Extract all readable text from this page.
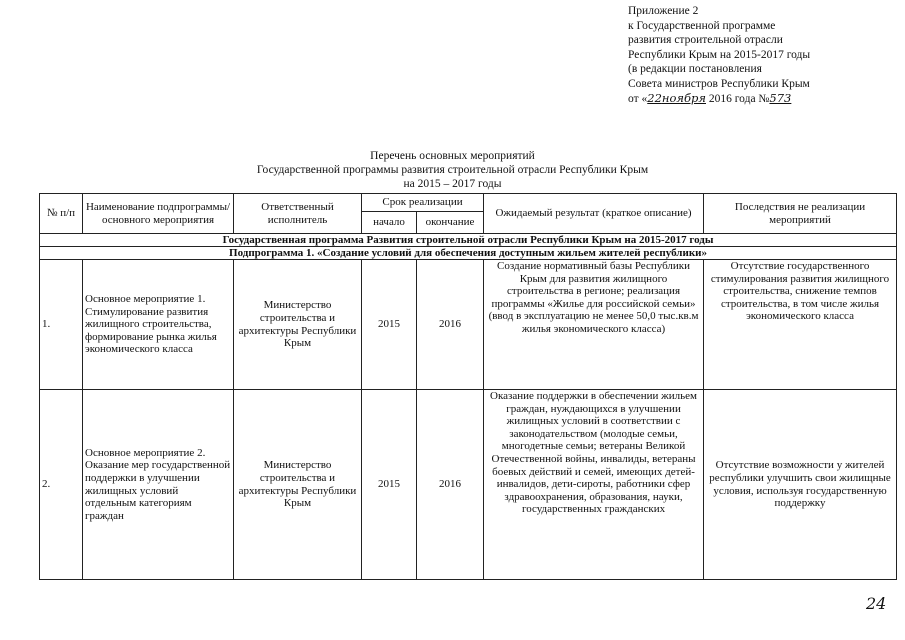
Приложение 2
к Государственной программе
развития строительной отрасли
Республики Крым на 2015-2017 годы
(в редакции постановления
Совета министров Республики Крым
от «22ноября 2016 года №573
Перечень основных мероприятий
Государственной программы развития строительной отрасли Республики Крым
на 2015 – 2017 годы
№ п/п	Наименование подпрограммы/ основного мероприятия	Ответственный исполнитель	Срок реализации		Ожидаемый результат (краткое описание)	Последствия не реализации мероприятий
			начало	окончание		
Государственная программа Развития строительной отрасли Республики Крым на 2015-2017 годы						
Подпрограмма 1. «Создание условий для обеспечения доступным жильем жителей республики»						
1.	Основное мероприятие 1. Стимулирование развития жилищного строительства, формирование рынка жилья экономического класса	Министерство строительства и архитектуры Республики Крым	2015	2016	Создание нормативный базы Республики Крым для развития жилищного строительства в регионе; реализация программы «Жилье для российской семьи» (ввод в эксплуатацию не менее 50,0 тыс.кв.м жилья экономического класса)	Отсутствие государственного стимулирования развития жилищного строительства, снижение темпов строительства, в том числе жилья экономического класса
2.	Основное мероприятие 2. Оказание мер государственной поддержки в улучшении жилищных условий отдельным категориям граждан	Министерство строительства и архитектуры Республики Крым	2015	2016	Оказание поддержки в обеспечении жильем граждан, нуждающихся в улучшении жилищных условий в соответствии с законодательством (молодые семьи, многодетные семьи; ветераны Великой Отечественной войны, инвалиды, ветераны боевых действий и семей, имеющих детей-инвалидов, дети-сироты, работники сфер здравоохранения, образования, науки, государственных гражданских	Отсутствие возможности у жителей республики улучшить свои жилищные условия, используя государственную поддержку
24
